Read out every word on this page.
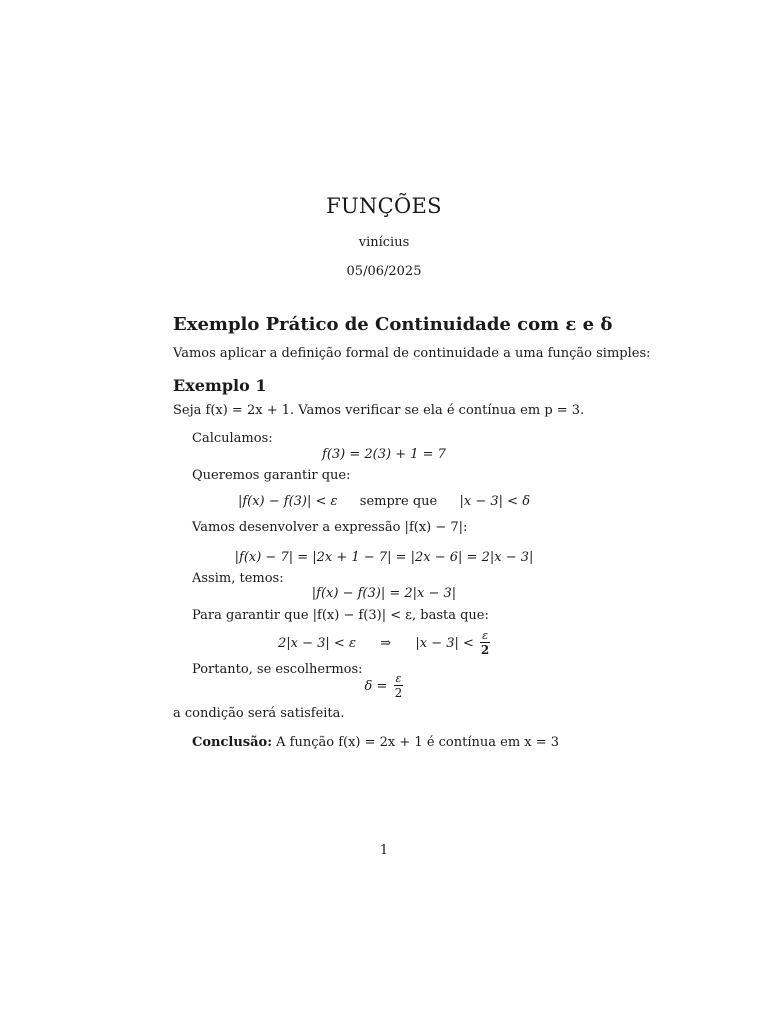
FUNÇÕES
vinícius
05/06/2025
Exemplo Prático de Continuidade com ε e δ
Vamos aplicar a definição formal de continuidade a uma função simples:
Exemplo 1
Seja f(x) = 2x + 1. Vamos verificar se ela é contínua em p = 3.
Calculamos:
f(3) = 2(3) + 1 = 7
Queremos garantir que:
|f(x) − f(3)| < ε sempre que |x − 3| < δ
Vamos desenvolver a expressão |f(x) − 7|:
|f(x) − 7| = |2x + 1 − 7| = |2x − 6| = 2|x − 3|
Assim, temos:
|f(x) − f(3)| = 2|x − 3|
Para garantir que |f(x) − f(3)| < ε, basta que:
2|x − 3| < ε ⇒ $|x - 3| < \frac{\varepsilon}{2}$
Portanto, se escolhermos:
$\delta = \frac{\varepsilon}{2}$
a condição será satisfeita.
Conclusão: A função f(x) = 2x + 1 é contínua em x = 3
1
